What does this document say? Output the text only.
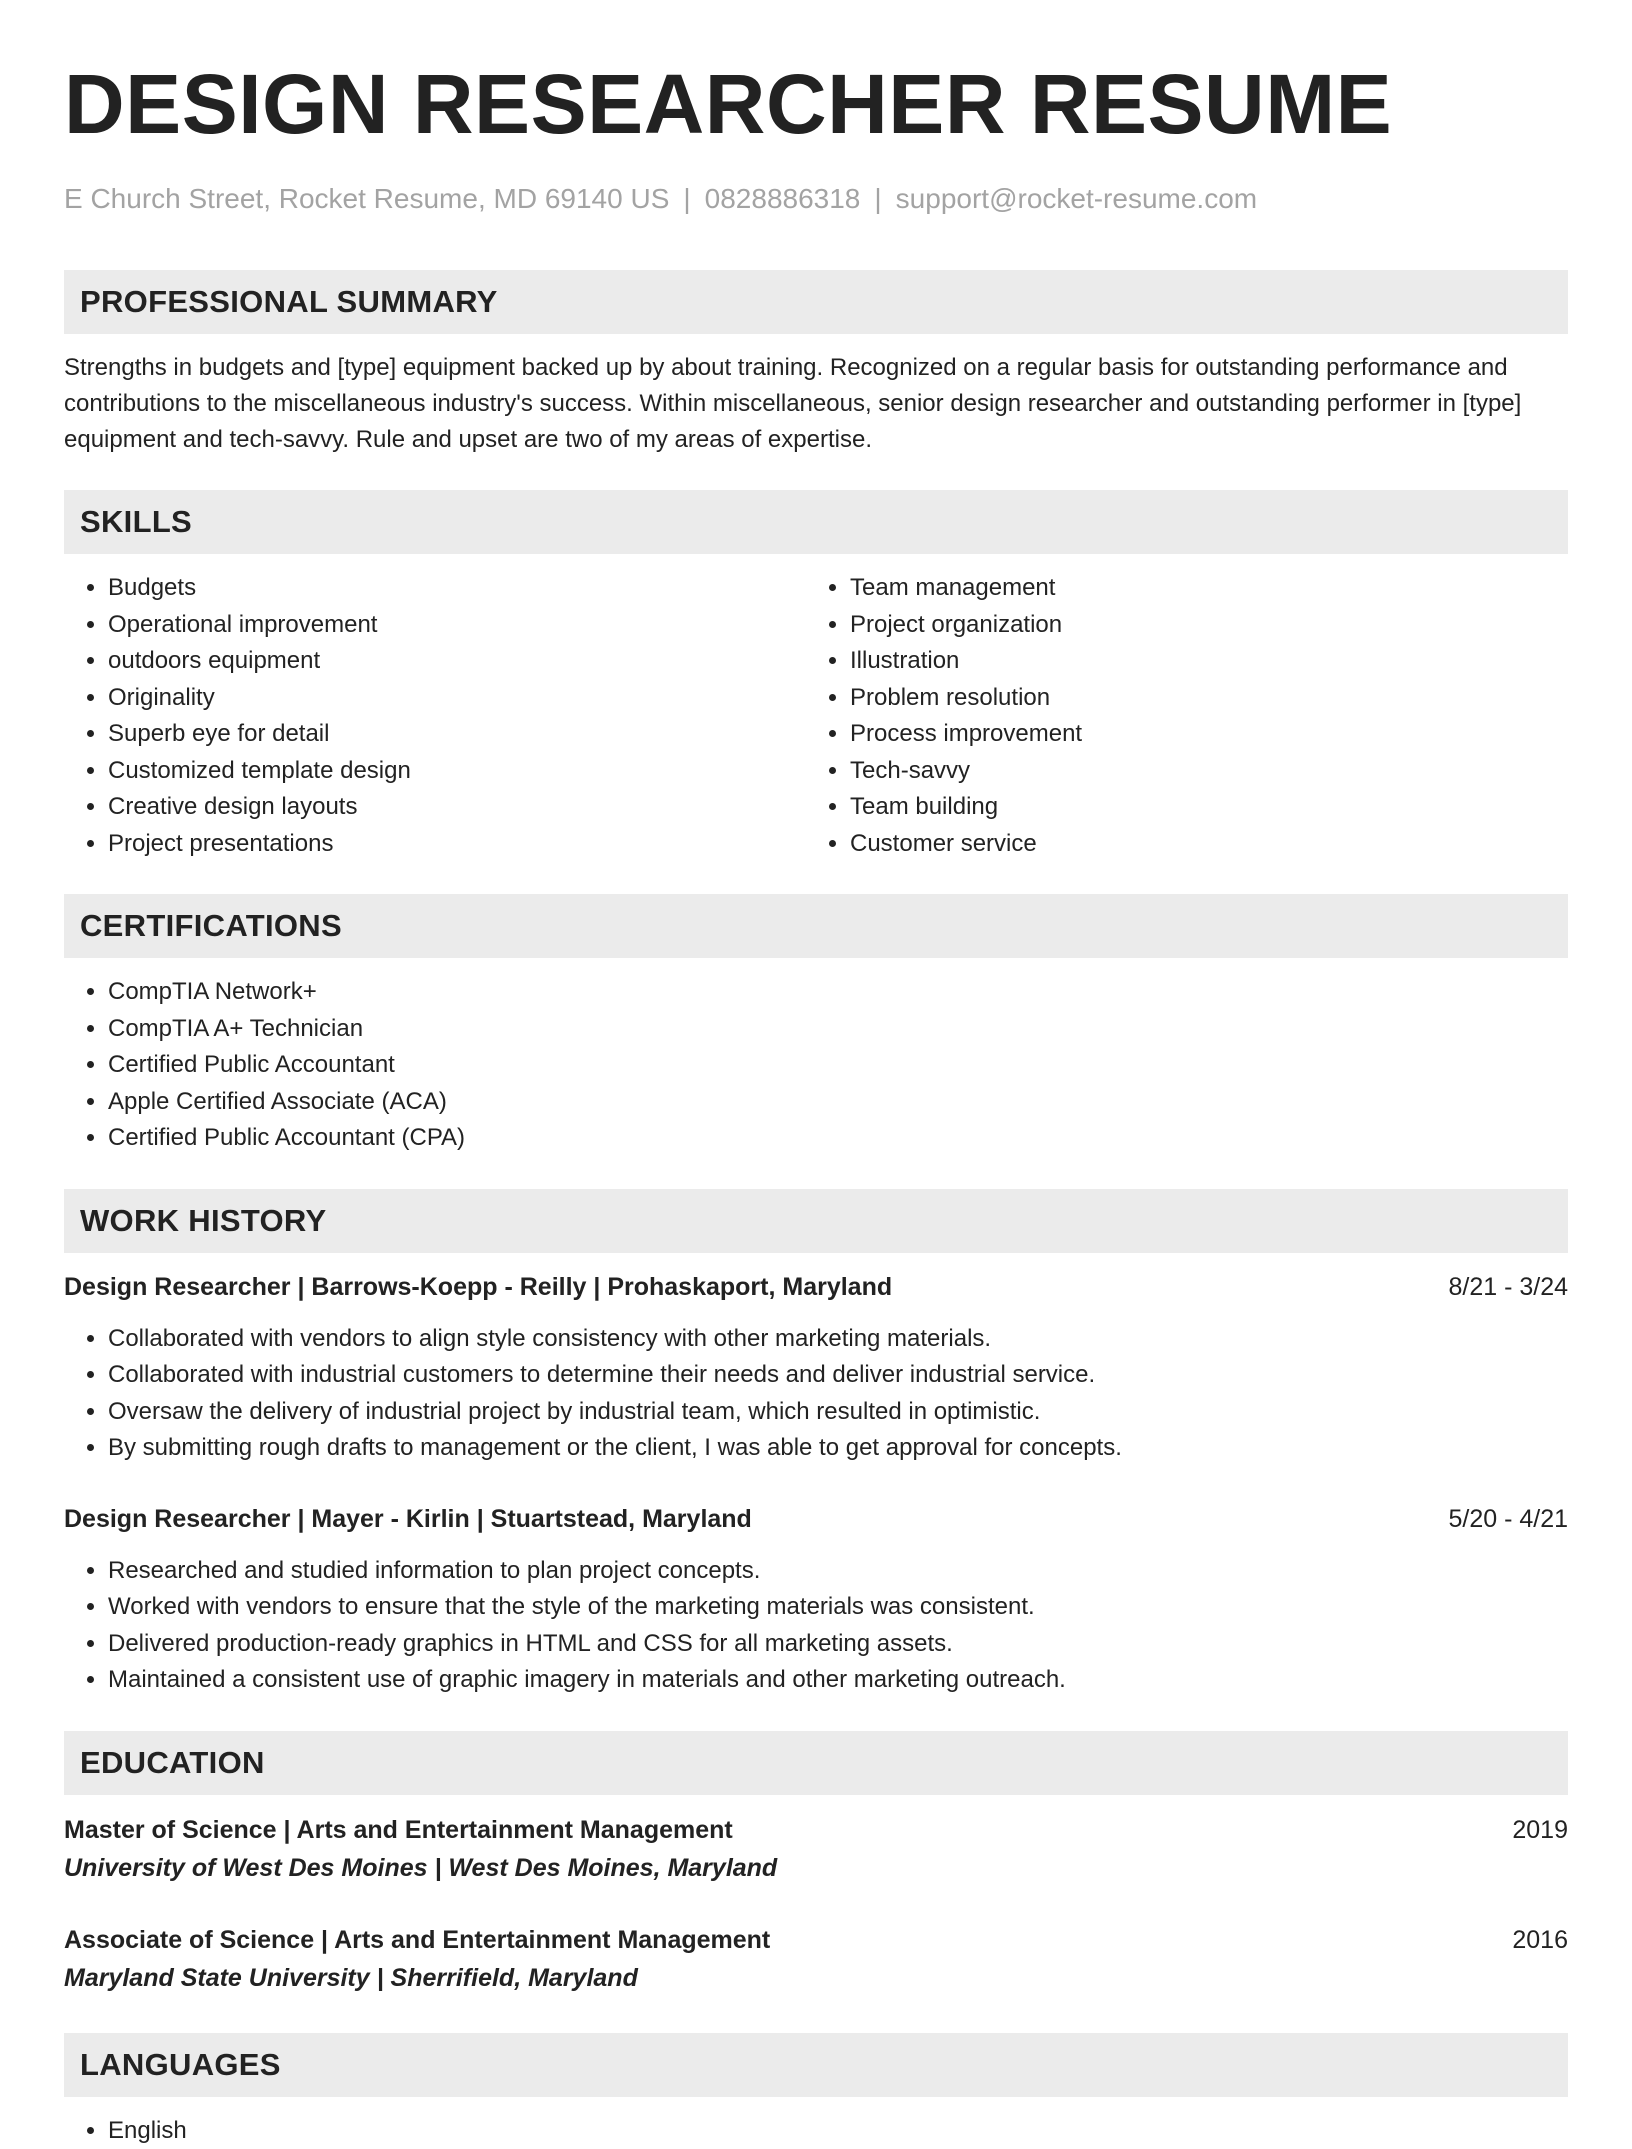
DESIGN RESEARCHER RESUME
E Church Street, Rocket Resume, MD 69140 US | 0828886318 | support@rocket-resume.com
PROFESSIONAL SUMMARY

Strengths in budgets and [type] equipment backed up by about training. Recognized on a regular basis for outstanding performance and contributions to the miscellaneous industry's success. Within miscellaneous, senior design researcher and outstanding performer in [type] equipment and tech-savvy. Rule and upset are two of my areas of expertise.

SKILLS
• Budgets
• Operational improvement
• outdoors equipment
• Originality
• Superb eye for detail
• Customized template design
• Creative design layouts
• Project presentations
• Team management
• Project organization
• Illustration
• Problem resolution
• Process improvement
• Tech-savvy
• Team building
• Customer service
CERTIFICATIONS
• CompTIA Network+
• CompTIA A+ Technician
• Certified Public Accountant
• Apple Certified Associate (ACA)
• Certified Public Accountant (CPA)
WORK HISTORY
Design Researcher | Barrows-Koepp - Reilly | Prohaskaport, Maryland	8/21 - 3/24
• Collaborated with vendors to align style consistency with other marketing materials.
• Collaborated with industrial customers to determine their needs and deliver industrial service.
• Oversaw the delivery of industrial project by industrial team, which resulted in optimistic.
• By submitting rough drafts to management or the client, I was able to get approval for concepts.
Design Researcher | Mayer - Kirlin | Stuartstead, Maryland	5/20 - 4/21
• Researched and studied information to plan project concepts.
• Worked with vendors to ensure that the style of the marketing materials was consistent.
• Delivered production-ready graphics in HTML and CSS for all marketing assets.
• Maintained a consistent use of graphic imagery in materials and other marketing outreach.
EDUCATION
Master of Science | Arts and Entertainment Management	2019
University of West Des Moines | West Des Moines, Maryland
Associate of Science | Arts and Entertainment Management	2016
Maryland State University | Sherrifield, Maryland
LANGUAGES
• English
